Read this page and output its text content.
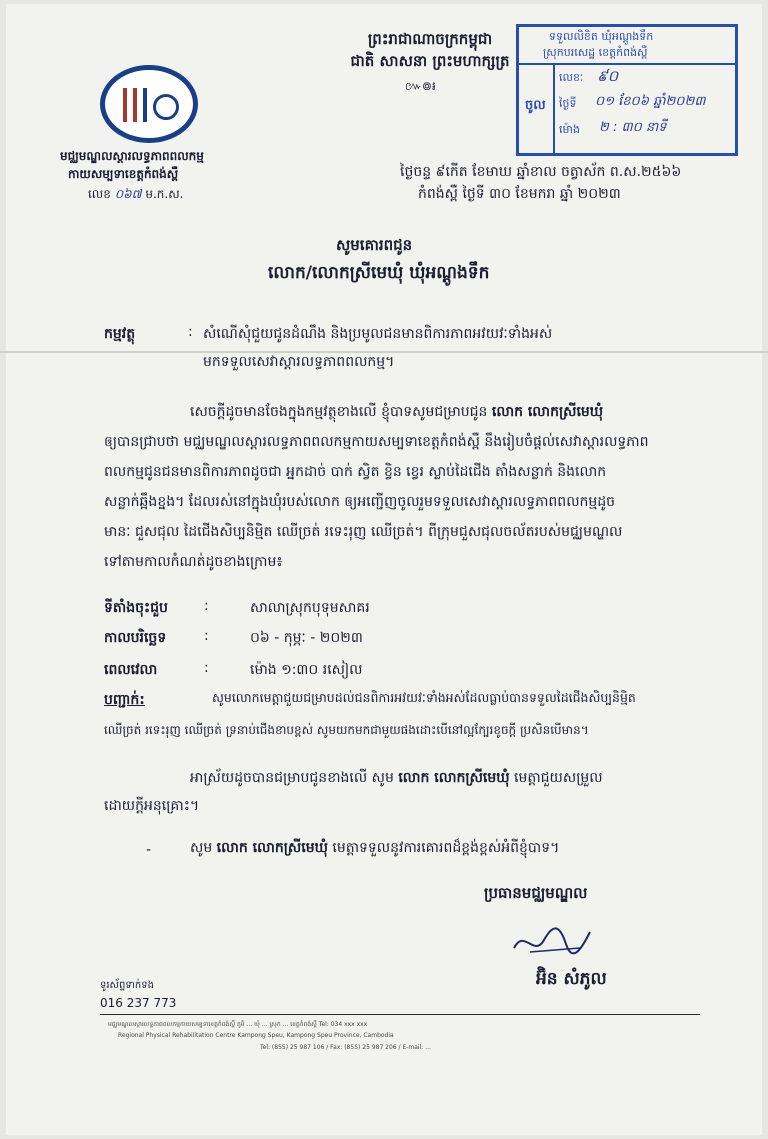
ព្រះរាជាណាចក្រកម្ពុជា
ជាតិ សាសនា ព្រះមហាក្សត្រ
៚៙៛
មជ្ឈមណ្ឌលស្តារលទ្ធភាពពលកម្ម
កាយសម្បទាខេត្តកំពង់ស្ពឺ
លេខ ០៦៧ ម.ក.ស.
ទទួលលិខិត ឃុំអណ្តូងទឹក
ស្រុកបរសេដ្ឋ ខេត្តកំពង់ស្ពឺ
ចូល
លេខៈ ៩០
ថ្ងៃទី ០១ ខែ០៦ ឆ្នាំ២០២៣
ម៉ោង ២ : ៣០ នាទី
ថ្ងៃចន្ទ ៩កើត ខែមាឃ ឆ្នាំខាល ចត្វាស័ក ព.ស.២៥៦៦
កំពង់ស្ពឺ ថ្ងៃទី ៣០ ខែមករា ឆ្នាំ ២០២៣
សូមគោរពជូន
លោក/លោកស្រីមេឃុំ ឃុំអណ្តូងទឹក
កម្មវត្ថុ	: សំណើសុំជួយជូនដំណឹង និងប្រមូលជនមានពិការភាពអវយវៈទាំងអស់
មកទទួលសេវាស្តារលទ្ធភាពពលកម្ម។
សេចក្តីដូចមានចែងក្នុងកម្មវត្ថុខាងលើ ខ្ញុំបាទសូមជម្រាបជូន លោក លោកស្រីមេឃុំ
ឲ្យបានជ្រាបថា មជ្ឈមណ្ឌលស្តារលទ្ធភាពពលកម្មកាយសម្បទាខេត្តកំពង់ស្ពឺ នឹងរៀបចំផ្តល់សេវាស្តារលទ្ធភាព
ពលកម្មជូនជនមានពិការភាពដូចជា អ្នកដាច់ បាក់ ស្វិត ខ្វិន ខ្វេរ ស្លាប់ដៃជើង តាំងសន្លាក់ និងលោក
សន្លាក់ឆ្អឹងខ្នង។ ដែលរស់នៅក្នុងឃុំរបស់លោក ឲ្យអញ្ជើញចូលរួមទទួលសេវាស្តារលទ្ធភាពពលកម្មដូច
មានៈ ជួសជុល ដៃជើងសិប្បនិម្មិត ឈើច្រត់ រទេះរុញ ឈើច្រត់។ ពីក្រុមជួសជុលចល័តរបស់មជ្ឈមណ្ឌល
ទៅតាមកាលកំណត់ដូចខាងក្រោម៖
ទីតាំងចុះជួប	:	សាលាស្រុកបុទុមសាគរ
កាលបរិច្ឆេទ	:	០៦ - កុម្ភៈ - ២០២៣
ពេលវេលា	:	ម៉ោង ១:៣០ រសៀល
បញ្ជាក់:	សូមលោកមេត្តាជួយជម្រាបដល់ជនពិការអវយវៈទាំងអស់ដែលធ្លាប់បានទទួលដៃជើងសិប្បនិម្មិត
ឈើច្រត់ រទេះរុញ ឈើច្រត់ ទ្រនាប់ជើងខាបខ្ពស់ សូមយកមកជាមួយផងដោះបើនៅល្អក្បែរខូចក្តី ប្រសិនបើមាន។
អាស្រ័យដូចបានជម្រាបជូនខាងលើ សូម លោក លោកស្រីមេឃុំ មេត្តាជួយសម្រួល
ដោយក្តីអនុគ្រោះ។
-	សូម លោក លោកស្រីមេឃុំ មេត្តាទទួលនូវការគោរពដ៏ខ្ពង់ខ្ពស់អំពីខ្ញុំបាទ។
ប្រធានមជ្ឈមណ្ឌល
អ៊ិន សំភូល
ទូរស័ព្ទទាក់ទង
016 237 773
មជ្ឈមណ្ឌលស្តារលទ្ធភាពពលកម្មកាយសម្បទាខេត្តកំពង់ស្ពឺ ភូមិ ... ឃុំ ... ស្រុក ... ខេត្តកំពង់ស្ពឺ Tel: 034 xxx xxx
Regional Physical Rehabilitation Centre Kampong Speu, Kampong Speu Province, Cambodia
Tel: (855) 25 987 106 / Fax: (855) 25 987 206 / E-mail: ...
